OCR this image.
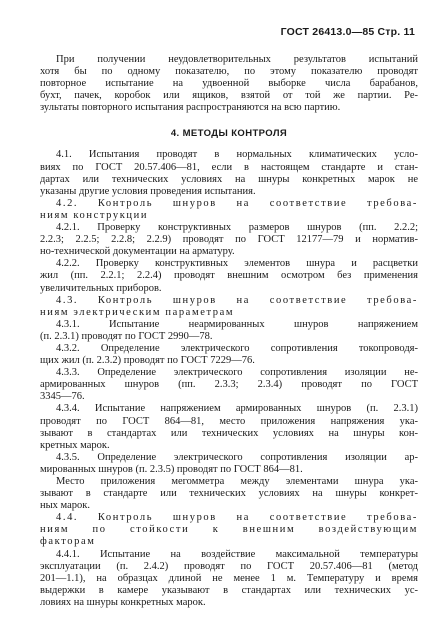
ГОСТ 26413.0—85 Стр. 11
При получении неудовлетворительных результатов испытаний
хотя бы по одному показателю, по этому показателю проводят
повторное испытание на удвоенной выборке числа барабанов,
бухт, пачек, коробок или ящиков, взятой от той же партии. Ре-
зультаты повторного испытания распространяются на всю партию.
4. МЕТОДЫ КОНТРОЛЯ
4.1. Испытания проводят в нормальных климатических усло-
виях по ГОСТ 20.57.406—81, если в настоящем стандарте и стан-
дартах или технических условиях на шнуры конкретных марок не
указаны другие условия проведения испытания.
4.2. Контроль шнуров на соответствие требова-
ниям конструкции
4.2.1. Проверку конструктивных размеров шнуров (пп. 2.2.2;
2.2.3; 2.2.5; 2.2.8; 2.2.9) проводят по ГОСТ 12177—79 и норматив-
но-технической документации на арматуру.
4.2.2. Проверку конструктивных элементов шнура и расцветки
жил (пп. 2.2.1; 2.2.4) проводят внешним осмотром без применения
увеличительных приборов.
4.3. Контроль шнуров на соответствие требова-
ниям электрическим параметрам
4.3.1. Испытание неармированных шнуров напряжением
(п. 2.3.1) проводят по ГОСТ 2990—78.
4.3.2. Определение электрического сопротивления токопроводя-
щих жил (п. 2.3.2) проводят по ГОСТ 7229—76.
4.3.3. Определение электрического сопротивления изоляции не-
армированных шнуров (пп. 2.3.3; 2.3.4) проводят по ГОСТ
3345—76.
4.3.4. Испытание напряжением армированных шнуров (п. 2.3.1)
проводят по ГОСТ 864—81, место приложения напряжения ука-
зывают в стандартах или технических условиях на шнуры кон-
кретных марок.
4.3.5. Определение электрического сопротивления изоляции ар-
мированных шнуров (п. 2.3.5) проводят по ГОСТ 864—81.
Место приложения мегомметра между элементами шнура ука-
зывают в стандарте или технических условиях на шнуры конкрет-
ных марок.
4.4. Контроль шнуров на соответствие требова-
ниям по стойкости к внешним воздействующим
факторам
4.4.1. Испытание на воздействие максимальной температуры
эксплуатации (п. 2.4.2) проводят по ГОСТ 20.57.406—81 (метод
201—1.1), на образцах длиной не менее 1 м. Температуру и время
выдержки в камере указывают в стандартах или технических ус-
ловиях на шнуры конкретных марок.
